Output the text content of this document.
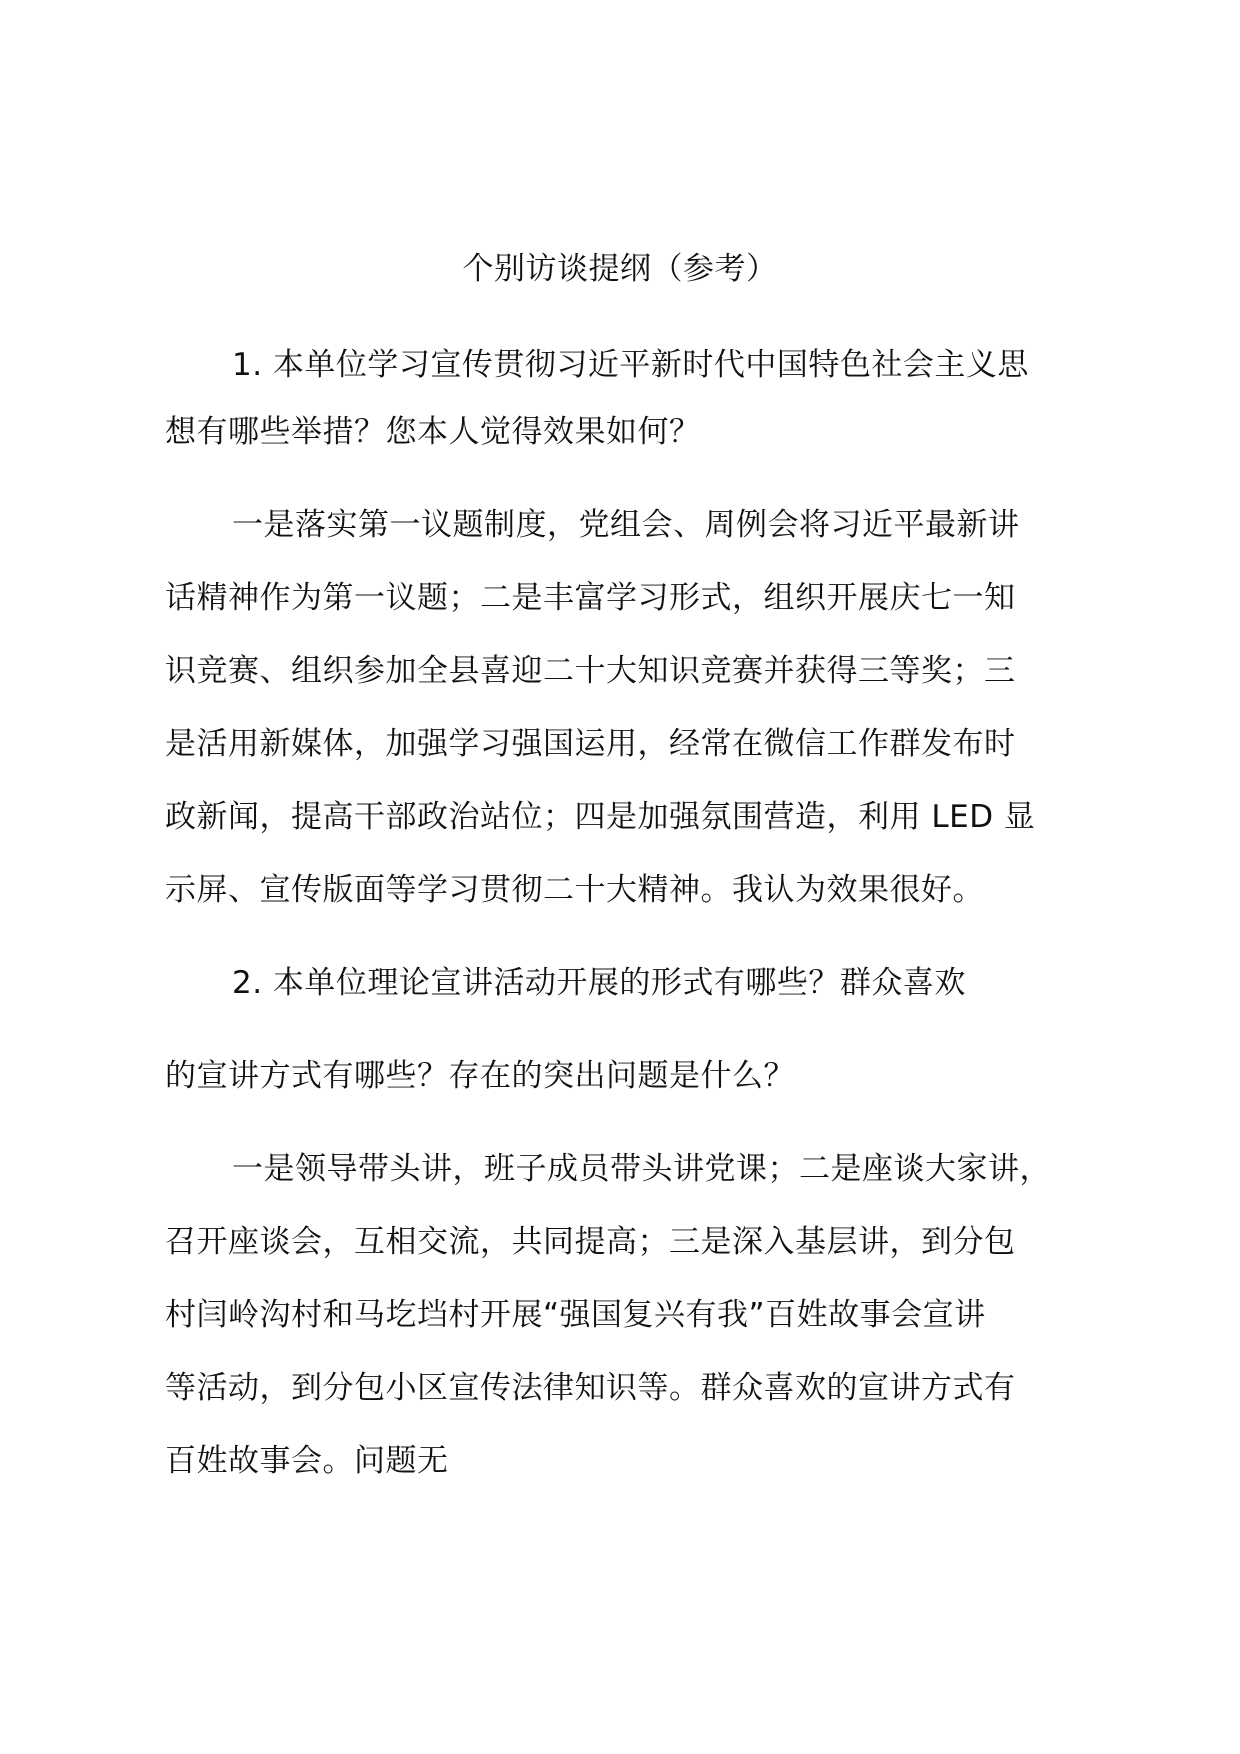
个别访谈提纲（参考）
1. 本单位学习宣传贯彻习近平新时代中国特色社会主义思
想有哪些举措？您本人觉得效果如何？
一是落实第一议题制度，党组会、周例会将习近平最新讲
话精神作为第一议题；二是丰富学习形式，组织开展庆七一知
识竞赛、组织参加全县喜迎二十大知识竞赛并获得三等奖；三
是活用新媒体，加强学习强国运用，经常在微信工作群发布时
政新闻，提高干部政治站位；四是加强氛围营造，利用 LED 显
示屏、宣传版面等学习贯彻二十大精神。我认为效果很好。
2. 本单位理论宣讲活动开展的形式有哪些？群众喜欢
的宣讲方式有哪些？存在的突出问题是什么？
一是领导带头讲，班子成员带头讲党课；二是座谈大家讲，
召开座谈会，互相交流，共同提高；三是深入基层讲，到分包
村闫岭沟村和马圪垱村开展“强国复兴有我”百姓故事会宣讲
等活动，到分包小区宣传法律知识等。群众喜欢的宣讲方式有
百姓故事会。问题无
